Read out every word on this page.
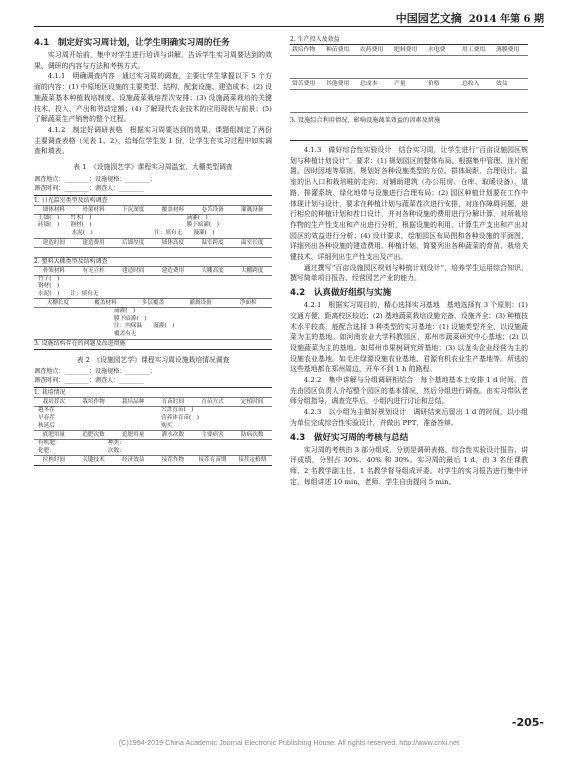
中国园艺文摘 2014 年第 6 期
4.1　制定好实习周计划，让学生明确实习周的任务

实习周开始前，集中对学生进行培训与讲解，告诉学生实习周要达到的效果、调研的内容与方法和考核方式。

4.1.1　明确调查内容　通过实习周的调查，主要让学生掌握以下 5 个方面的内容：(1) 中原地区设施的主要类型、结构、配套设施、建造成本；(2) 设施蔬菜基本种植栽培制度、设施蔬菜栽培茬次安排；(3) 设施蔬菜栽培的关键技术、投入、产出和劳动定额；(4) 了解现代农业技术的应用现状与前景；(5) 了解蔬菜生产销售的整个过程。

4.1.2　制定好调研表格　根据实习周要达到的效果，课题组制定了两份主要调查表格（见表 1、2），给每位学生发 1 份，让学生在实习过程中如实调查和填表。

表 1　《设施园艺学》课程实习周温室、大棚类型调查
调查地点：________；设施规格：________；
调查时间：________；调查人：________
1. 日光温室类型及结构调查
墙体材料	骨架材料	下沉深度	覆盖材料	卷苫设备	灌溉设备
土墙(　)　　竹木(　)　　　　　　　　　　　　　　　　　滴灌(　)
砖墙(　)　　钢材(　)　　　　　　　　　　　　　　　　　膜下暗灌(　)
　　　　　　水泥(　)　　　　　　　　　　　注：填有无　　漫灌(　)
建造时间	建造费用	后墙厚度	墙体高度	温室跨度	温室长度
2. 塑料大棚类型及结构调查
骨架材料	有无立柱	建造时间	建造费用	大棚高度	大棚跨度
竹子(　)
钢材(　)
水泥(　)　　注：填有无
大棚长度	覆盖材料	多层覆盖	灌溉设备	净面积
滴灌(　)
膜下暗灌(　)
注：内保温　　漫灌(　)
覆盖有无
3. 设施结构存在的问题及改进措施
表 2　《设施园艺学》课程实习周设施栽培情况调查
调查地点：________；设施规格：________；
调查时间：________；调查人：________
1. 栽培情况
栽培茬次	栽培作物	栽培品种	育苗时间	育苗方式	定植时间
越冬茬　　　　　　　　　　　　　　　　　　　穴盘育苗(　)
早春茬　　　　　　　　　　　　　　　　　　　营养钵育苗(　)
秋延后　　　　　　　　　　　　　　　　　　　购买
底肥用量	追肥次数	追肥用量	灌水次数	主要病害	防病次数
有机肥：　　　　　　　　　种类：
化肥：　　　　　　　　　　次数：
拉秧时间	关键技术	经济效益	接茬作物	接茬育苗期	接茬定植期
2. 生产投入及效益
栽培作物	种苗费用	农药费用	肥料费用	水电费	用工费用	薄膜费用
常苦费用	其他费用	总成本	产量	价格	总收入	效益
3. 设施综合利用情况，影响设施蔬菜效益的因素及措施

4.1.3　做好综合性实验设计　结合实习周，让学生进行“百亩设施园区规划与种植计划设计”。要求：(1) 规划园区的整体布局。根据集中管理、连片配置、因时因地等原则，规划好各种设施类型的方位、群体间距、合理设计、温室的出入口和栽培畦的走向；对辅助建筑（办公用房、仓库、取暖设备）、道路、排灌系统、绿化地带与设施进行合理布局；(2) 园区种植计划要在工作中体现计划与设计，要求在种植计划与蔬菜茬次进行安排，对连作障碍问题，进行相应的种植计划和茬口设计，并对各种设施的费用进行分解计算，对所栽培作物的生产性支出和产出进行分析，根据设施的利用，计算生产支出和产出对园区的效益进行分析；(4) 设计要求，绘制园区布局图和各种设施的平面图，详细列出各种设施的建造费用、种植计划、简要列出各种蔬菜的育苗、栽培关键技术、详细列出生产性支出及产出。

通过撰写“百亩设施园区规划与种植计划设计”，培养学生运用综合知识、撰写简单项目报告、经营园艺产业的能力。

4.2　认真做好组织与实施

4.2.1　根据实习周目的，精心选择实习基地　基地选择有 3 个原则：(1) 交通方便，距离校区较近；(2) 基地蔬菜栽培设施完备、设施齐全；(3) 种植技术水平较高，能配合选择 3 种类型的实习基地：(1) 设施类型齐全，以设施蔬菜为主的基地。如河南农业大学科教园区，郑州市蔬菜研究中心基地；(2) 以设施蔬菜为主的基地。如郑州市果树研究所基地；(3) 以龙头企业经营为主的设施农业基地。如毛庄绿源设施农业基地、君源有机农业生产基地等。所选的这些基地都在郑州周边，开车不到 1 h 的路程。

4.2.2　集中讲解与分组调研相结合　每个基地基本上安排 1 d 时间。首先由园区负责人介绍整个园区的基本情况，然后分组进行调查。由实习带队老师分组指导，调查完毕后，小组内进行讨论和总结。

4.2.3　以小组为主做好规划设计　调研结束后留出 1 d 的时间，以小组为单位完成综合性实验设计，并做出 PPT，准备答辩。

4.3　做好实习周的考核与总结

实习周的考核由 3 部分组成，分别是调研表格、综合性实验设计报告、讲评成绩，分别占 30%、40% 和 30%。实习周的最后 1 d，由 3 名任课教师、2 名教学副主任、1 名教学督导组成评委。对学生的实习报告进行集中评定，每组讲述 10 min，老师、学生自由提问 5 min。

-205-
(C)1994-2019 China Academic Journal Electronic Publishing House. All rights reserved. http://www.cnki.net
